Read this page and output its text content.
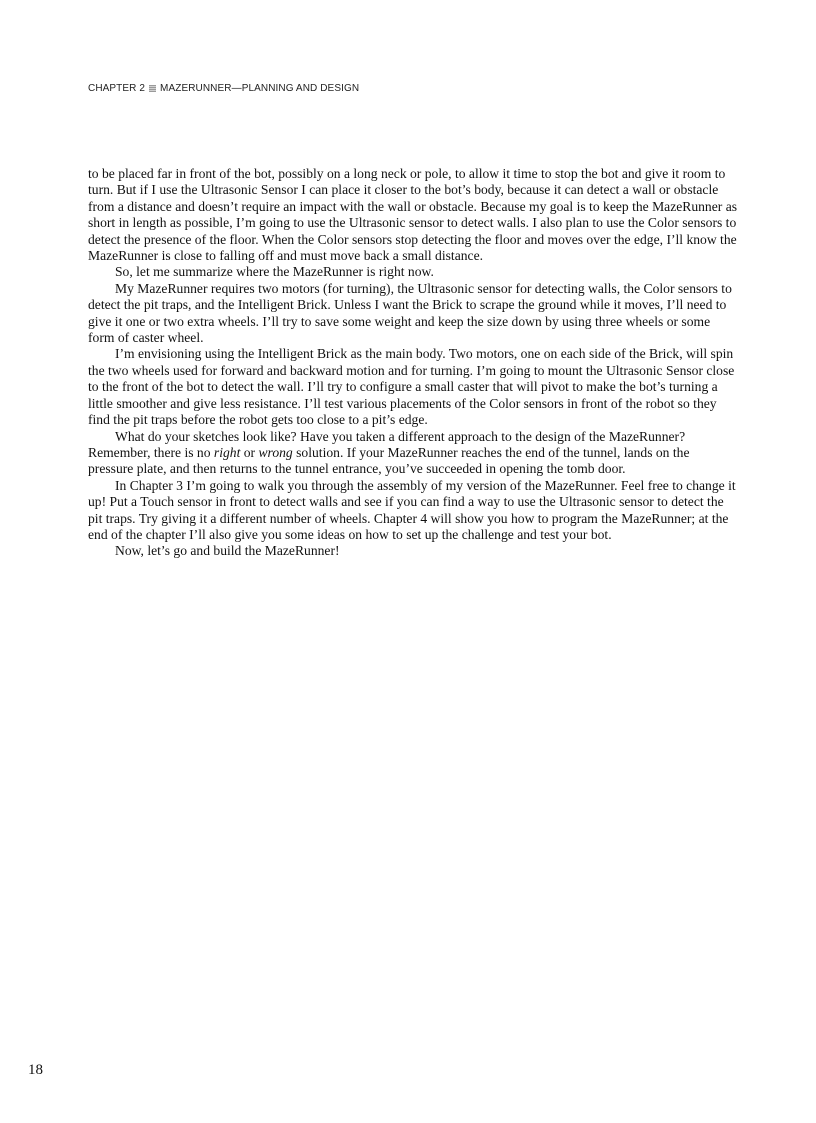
CHAPTER 2 MAZERUNNER—PLANNING AND DESIGN

to be placed far in front of the bot, possibly on a long neck or pole, to allow it time to stop the bot and give it room to turn. But if I use the Ultrasonic Sensor I can place it closer to the bot’s body, because it can detect a wall or obstacle from a distance and doesn’t require an impact with the wall or obstacle. Because my goal is to keep the MazeRunner as short in length as possible, I’m going to use the Ultrasonic sensor to detect walls. I also plan to use the Color sensors to detect the presence of the floor. When the Color sensors stop detecting the floor and moves over the edge, I’ll know the MazeRunner is close to falling off and must move back a small distance.

So, let me summarize where the MazeRunner is right now.

My MazeRunner requires two motors (for turning), the Ultrasonic sensor for detecting walls, the Color sensors to detect the pit traps, and the Intelligent Brick. Unless I want the Brick to scrape the ground while it moves, I’ll need to give it one or two extra wheels. I’ll try to save some weight and keep the size down by using three wheels or some form of caster wheel.

I’m envisioning using the Intelligent Brick as the main body. Two motors, one on each side of the Brick, will spin the two wheels used for forward and backward motion and for turning. I’m going to mount the Ultrasonic Sensor close to the front of the bot to detect the wall. I’ll try to configure a small caster that will pivot to make the bot’s turning a little smoother and give less resistance. I’ll test various placements of the Color sensors in front of the robot so they find the pit traps before the robot gets too close to a pit’s edge.

What do your sketches look like? Have you taken a different approach to the design of the MazeRunner? Remember, there is no right or wrong solution. If your MazeRunner reaches the end of the tunnel, lands on the pressure plate, and then returns to the tunnel entrance, you’ve succeeded in opening the tomb door.

In Chapter 3 I’m going to walk you through the assembly of my version of the MazeRunner. Feel free to change it up! Put a Touch sensor in front to detect walls and see if you can find a way to use the Ultrasonic sensor to detect the pit traps. Try giving it a different number of wheels. Chapter 4 will show you how to program the MazeRunner; at the end of the chapter I’ll also give you some ideas on how to set up the challenge and test your bot.

Now, let’s go and build the MazeRunner!

18
